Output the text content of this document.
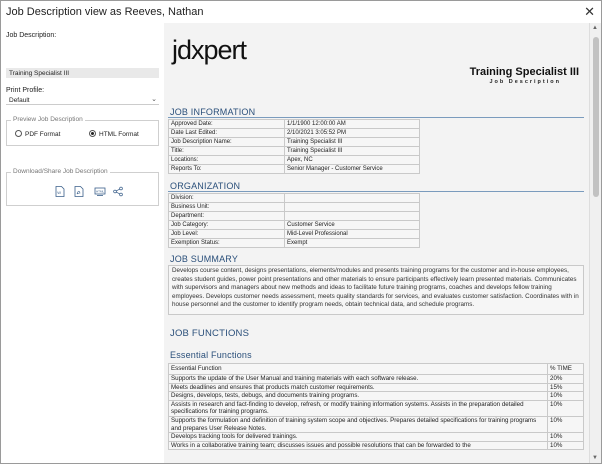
Job Description view as Reeves, Nathan	✕
Job Description:
Training Specialist III
Print Profile:
Default	⌄
Preview Job Description
PDF Format	HTML Format
Download/Share Job Description
W

	HTML

jdxpert
Training Specialist III
Job Description
JOB INFORMATION
Approved Date:	1/1/1900 12:00:00 AM
Date Last Edited:	2/10/2021 3:05:52 PM
Job Description Name:	Training Specialist III
Title:	Training Specialist III
Locations:	Apex, NC
Reports To:	Senior Manager - Customer Service
ORGANIZATION
Division:	
Business Unit:	
Department:	
Job Category:	Customer Service
Job Level:	Mid-Level Professional
Exemption Status:	Exempt
JOB SUMMARY
Develops course content, designs presentations, elements/modules and presents training programs for the customer and in-house employees, creates student guides, power point presentations and other materials to ensure participants effectively learn presented materials. Communicates with supervisors and managers about new methods and ideas to facilitate future training programs, coaches and develops fellow training employees. Develops customer needs assessment, meets quality standards for services, and evaluates customer satisfaction. Coordinates with in house personnel and the customer to identify program needs, obtain technical data, and schedule programs.
JOB FUNCTIONS
Essential Functions
Essential Function	% TIME
Supports the update of the User Manual and training materials with each software release.	20%
Meets deadlines and ensures that products match customer requirements.	15%
Designs, develops, tests, debugs, and documents training programs.	10%
Assists in research and fact-finding to develop, refresh, or modify training information systems. Assists in the preparation detailed specifications for training programs.	10%
Supports the formulation and definition of training system scope and objectives. Prepares detailed specifications for training programs and prepares User Release Notes.	10%
Develops tracking tools for delivered trainings.	10%
Works in a collaborative training team; discusses issues and possible resolutions that can be forwarded to the	10%
▲
▼
